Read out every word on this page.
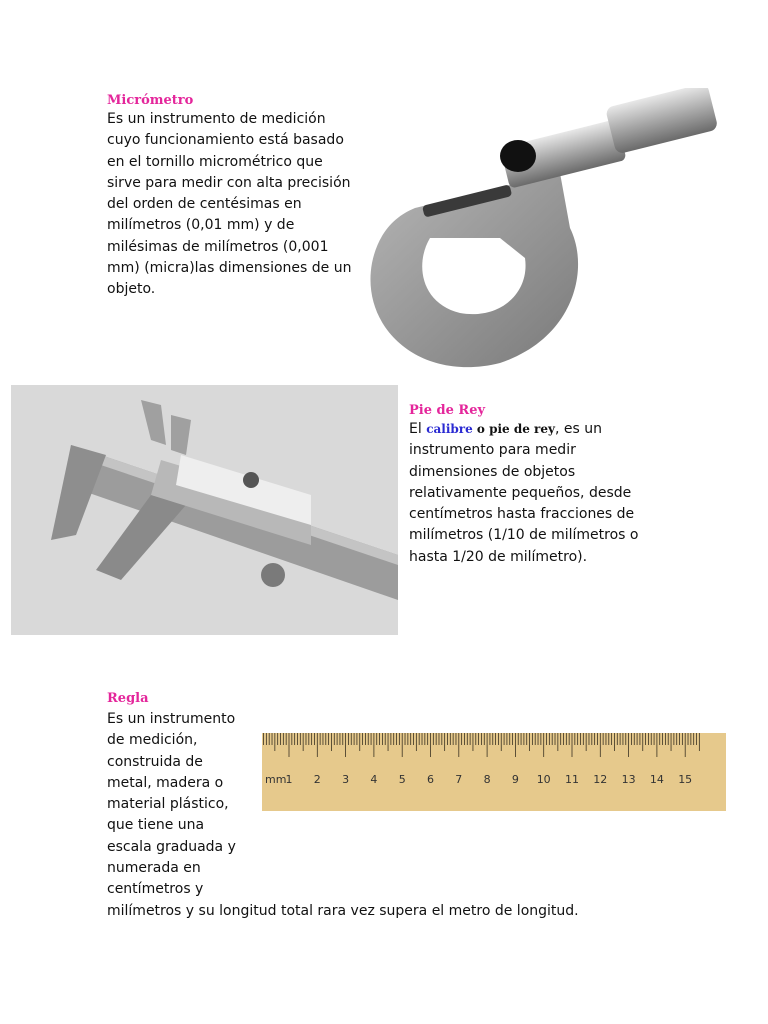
Micrómetro
Es un instrumento de medición
cuyo funcionamiento está basado
en el tornillo micrométrico que
sirve para medir con alta precisión
del orden de centésimas en
milímetros (0,01 mm) y de
milésimas de milímetros (0,001
mm) (micra)las dimensiones de un
objeto.
Pie de Rey
El calibre o pie de rey, es un
instrumento para medir
dimensiones de objetos
relativamente pequeños, desde
centímetros hasta fracciones de
milímetros (1/10 de milímetros o
hasta 1/20 de milímetro).
Regla
Es un instrumento
de medición,
construida de
metal, madera o
material plástico,
que tiene una
escala graduada y
numerada en
centímetros y
milímetros y su longitud total rara vez supera el metro de longitud.
mm 1 2 3 4 5 6 7 8 9 10 11 12 13 14 15
